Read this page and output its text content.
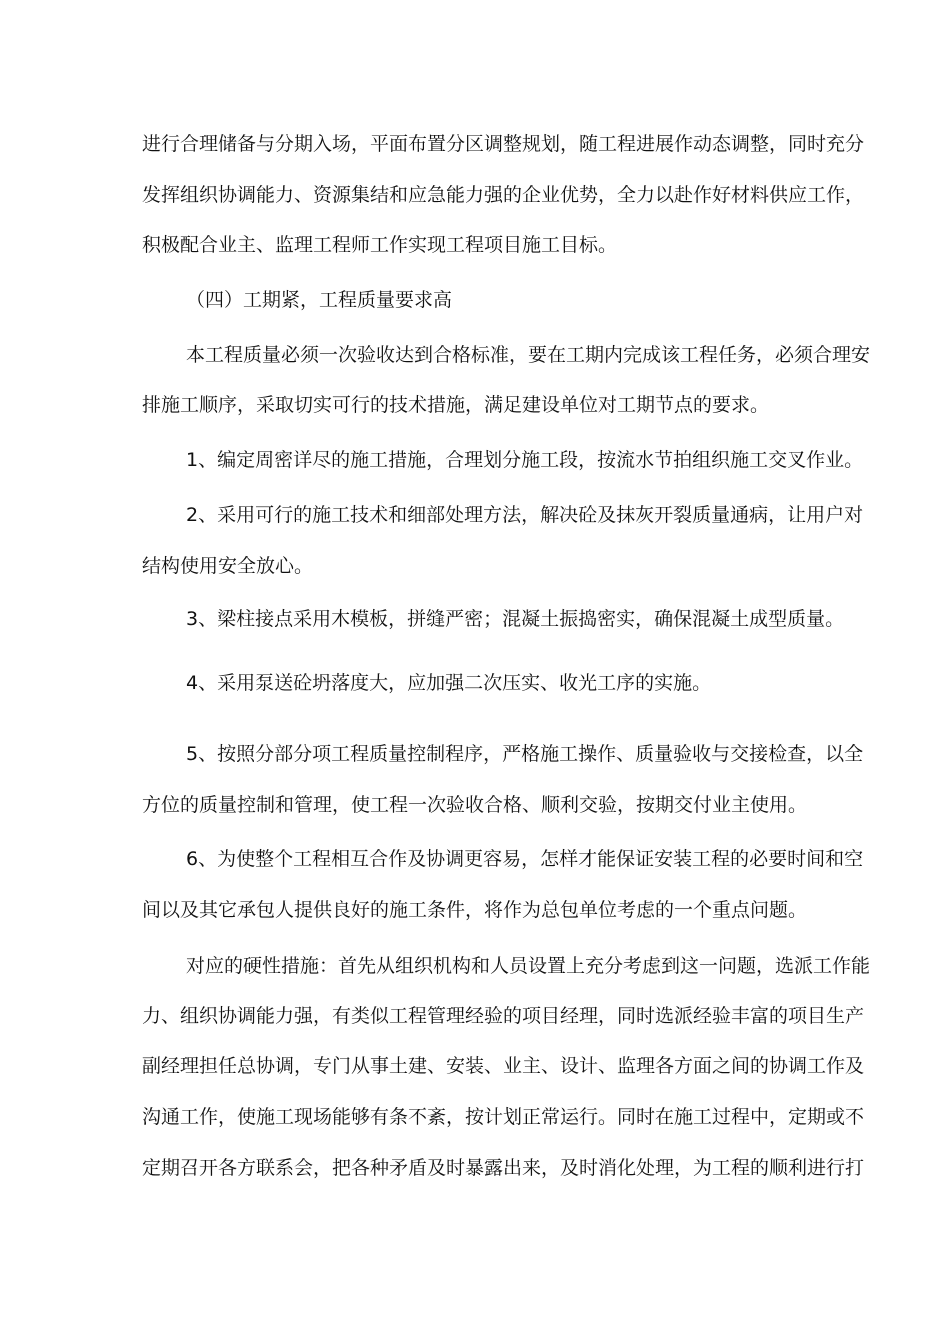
进行合理储备与分期入场，平面布置分区调整规划，随工程进展作动态调整，同时充分
发挥组织协调能力、资源集结和应急能力强的企业优势，全力以赴作好材料供应工作，
积极配合业主、监理工程师工作实现工程项目施工目标。
（四）工期紧，工程质量要求高
本工程质量必须一次验收达到合格标准，要在工期内完成该工程任务，必须合理安
排施工顺序，采取切实可行的技术措施，满足建设单位对工期节点的要求。
1、编定周密详尽的施工措施，合理划分施工段，按流水节拍组织施工交叉作业。
2、采用可行的施工技术和细部处理方法，解决砼及抹灰开裂质量通病，让用户对
结构使用安全放心。
3、梁柱接点采用木模板，拼缝严密；混凝土振捣密实，确保混凝土成型质量。
4、采用泵送砼坍落度大，应加强二次压实、收光工序的实施。
5、按照分部分项工程质量控制程序，严格施工操作、质量验收与交接检查，以全
方位的质量控制和管理，使工程一次验收合格、顺利交验，按期交付业主使用。
6、为使整个工程相互合作及协调更容易，怎样才能保证安装工程的必要时间和空
间以及其它承包人提供良好的施工条件，将作为总包单位考虑的一个重点问题。
对应的硬性措施：首先从组织机构和人员设置上充分考虑到这一问题，选派工作能
力、组织协调能力强，有类似工程管理经验的项目经理，同时选派经验丰富的项目生产
副经理担任总协调，专门从事土建、安装、业主、设计、监理各方面之间的协调工作及
沟通工作，使施工现场能够有条不紊，按计划正常运行。同时在施工过程中，定期或不
定期召开各方联系会，把各种矛盾及时暴露出来，及时消化处理，为工程的顺利进行打
